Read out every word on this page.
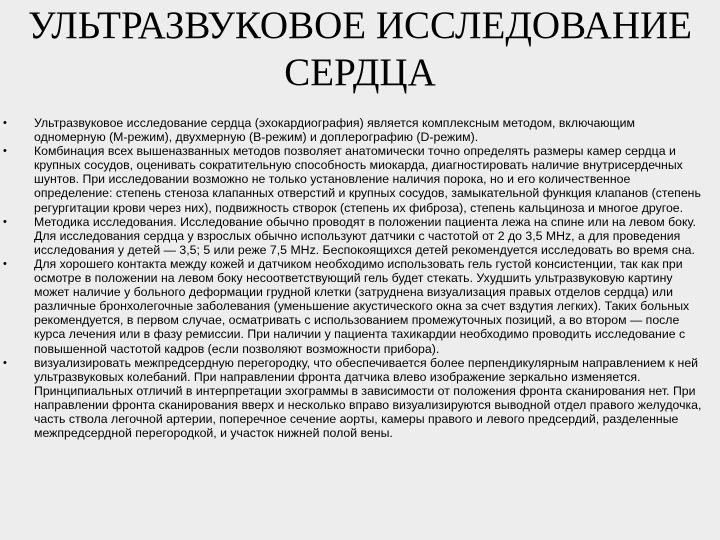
УЛЬТРАЗВУКОВОЕ ИССЛЕДОВАНИЕ СЕРДЦА
•	Ультразвуковое исследование сердца (эхокардиография) является комплексным методом, включающим одномерную (М-режим), двухмерную (В-режим) и доплерографию (D-режим).
•	Комбинация всех вышеназванных методов позволяет анатомически точно определять размеры камер сердца и крупных сосудов, оценивать сократительную способность миокарда, диагностировать наличие внутрисердечных шунтов. При исследовании возможно не только установление наличия порока, но и его количественное определение: степень стеноза клапанных отверстий и крупных сосудов, замыкательной функция клапанов (степень регургитации крови через них), подвижность створок (степень их фиброза), степень кальциноза и многое другое.
•	Методика исследования. Исследование обычно проводят в положении пациента лежа на спине или на левом боку. Для исследования сердца у взрослых обычно используют датчики с частотой от 2 до 3,5 MHz, а для проведения исследования у детей — 3,5; 5 или реже 7,5 MHz. Беспокоящихся детей рекомендуется исследовать во время сна.
•	Для хорошего контакта между кожей и датчиком необходимо использовать гель густой консистенции, так как при осмотре в положении на левом боку несоответствующий гель будет стекать. Ухудшить ультразвуковую картину может наличие у больного деформации грудной клетки (затруднена визуализация правых отделов сердца) или различные бронхолегочные заболевания (уменьшение акустического окна за счет вздутия легких). Таких больных рекомендуется, в первом случае, осматривать с использованием промежуточных позиций, а во втором — после курса лечения или в фазу ремиссии. При наличии у пациента тахикардии необходимо проводить исследование с повышенной частотой кадров (если позволяют возможности прибора).
•	визуализировать межпредсердную перегородку, что обеспечивается более перпендикулярным направлением к ней ультразвуковых колебаний. При направлении фронта датчика влево изображение зеркально изменяется. Принципиальных отличий в интерпретации эхограммы в зависимости от положения фронта сканирования нет. При направлении фронта сканирования вверх и несколько вправо визуализируются выводной отдел правого желудочка, часть ствола легочной артерии, поперечное сечение аорты, камеры правого и левого предсердий, разделенные межпредсердной перегородкой, и участок нижней полой вены.
